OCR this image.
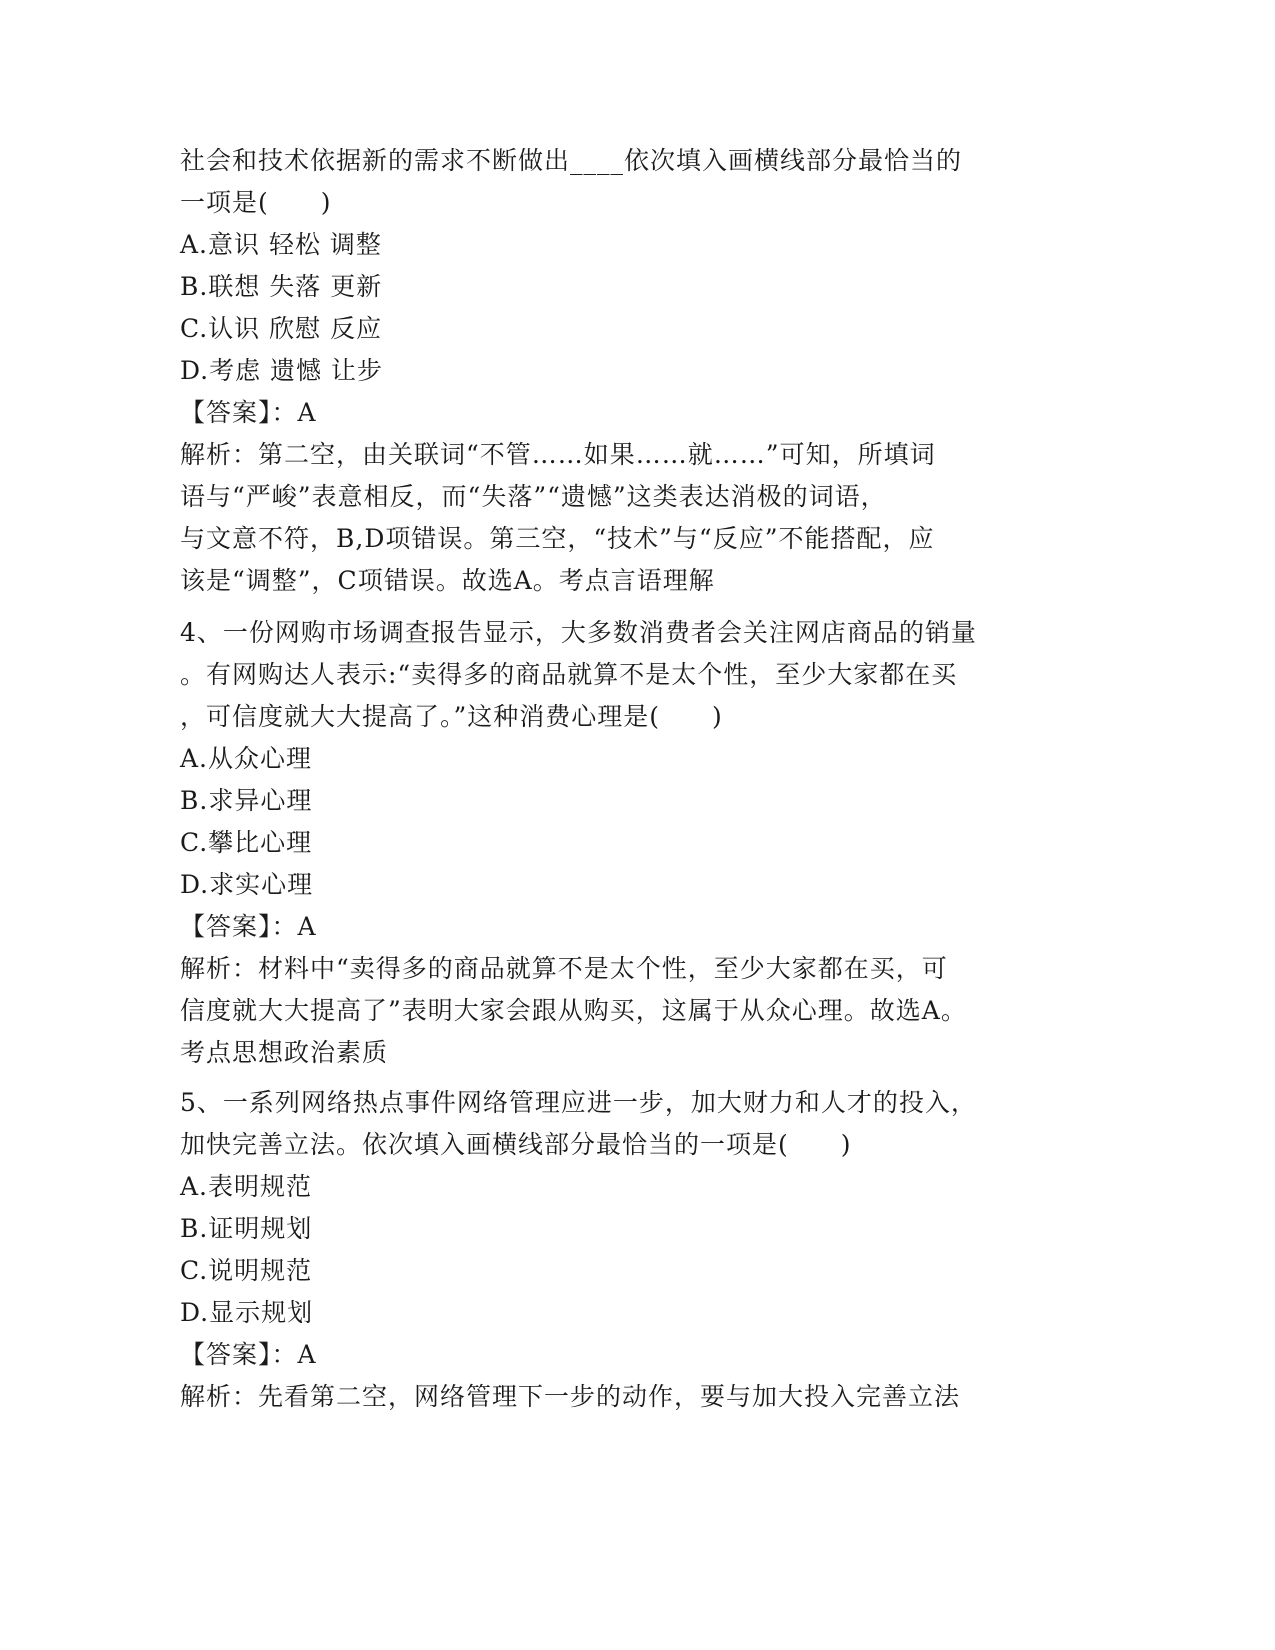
社会和技术依据新的需求不断做出____依次填入画横线部分最恰当的
一项是(　　)
A.意识 轻松 调整
B.联想 失落 更新
C.认识 欣慰 反应
D.考虑 遗憾 让步
【答案】：A
解析：第二空，由关联词“不管……如果……就……”可知，所填词
语与“严峻”表意相反，而“失落”“遗憾”这类表达消极的词语，
与文意不符，B,D项错误。第三空，“技术”与“反应”不能搭配，应
该是“调整”，C项错误。故选A。考点言语理解
4、一份网购市场调查报告显示，大多数消费者会关注网店商品的销量
。有网购达人表示:“卖得多的商品就算不是太个性，至少大家都在买
，可信度就大大提高了。”这种消费心理是(　　)
A.从众心理
B.求异心理
C.攀比心理
D.求实心理
【答案】：A
解析：材料中“卖得多的商品就算不是太个性，至少大家都在买，可
信度就大大提高了”表明大家会跟从购买，这属于从众心理。故选A。
考点思想政治素质
5、一系列网络热点事件网络管理应进一步，加大财力和人才的投入，
加快完善立法。依次填入画横线部分最恰当的一项是(　　)
A.表明规范
B.证明规划
C.说明规范
D.显示规划
【答案】：A
解析：先看第二空，网络管理下一步的动作，要与加大投入完善立法
